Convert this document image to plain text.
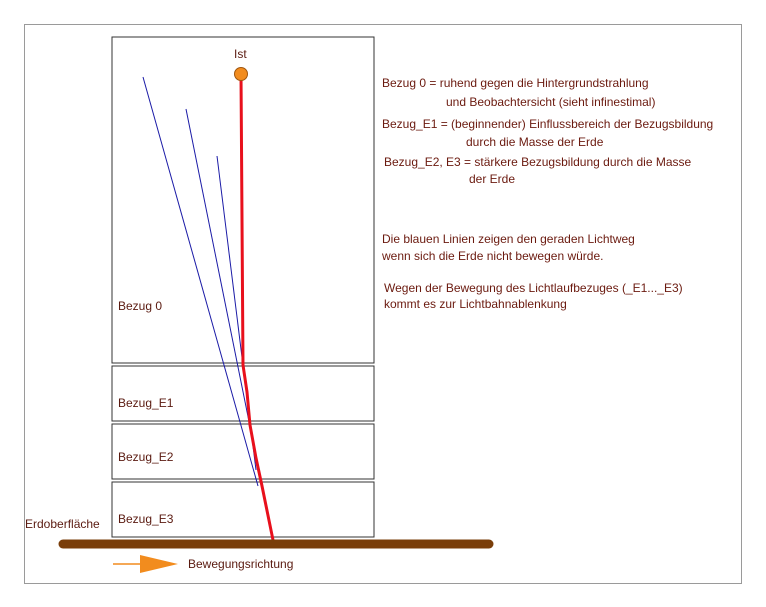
Bezug 0
Bezug_E1
Bezug_E2
Bezug_E3
Ist
Erdoberfläche
Bewegungsrichtung
Bezug 0 = ruhend gegen die Hintergrundstrahlung
und Beobachtersicht (sieht infinestimal)
Bezug_E1 = (beginnender) Einflussbereich der Bezugsbildung
durch die Masse der Erde
Bezug_E2, E3 = stärkere Bezugsbildung durch die Masse
der Erde
Die blauen Linien zeigen den geraden Lichtweg
wenn sich die Erde nicht bewegen würde.
Wegen der Bewegung des Lichtlaufbezuges (_E1..._E3)
kommt es zur Lichtbahnablenkung
